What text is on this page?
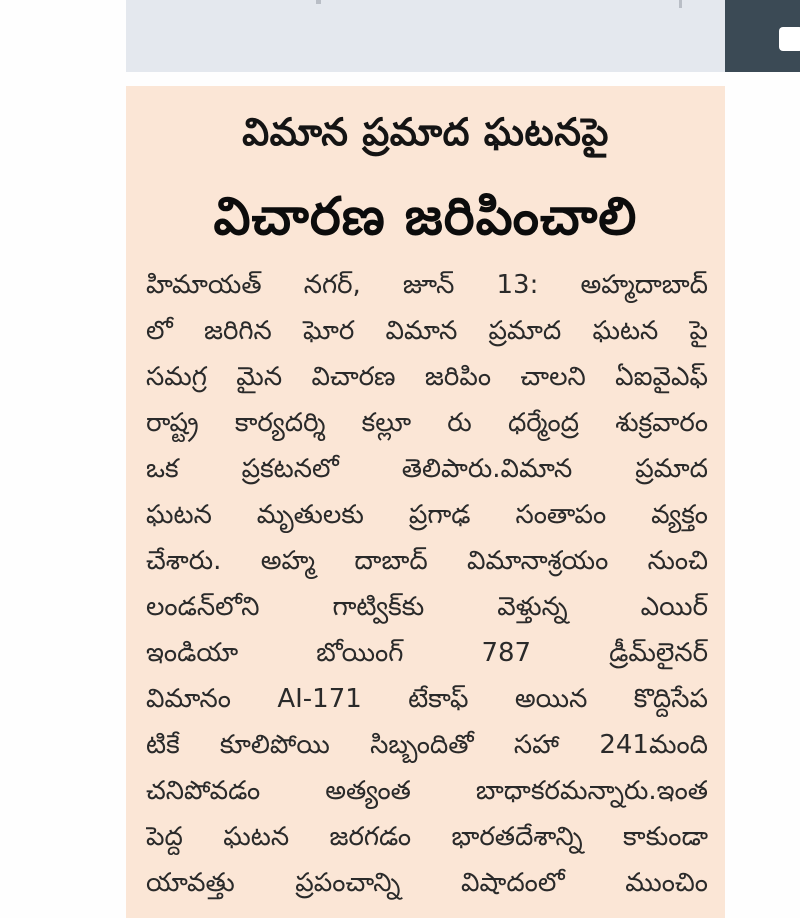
విమాన ప్రమాద ఘటనపై
విచారణ జరిపించాలి
హిమాయత్ నగర్, జూన్ 13: అహ్మదాబాద్
లో జరిగిన ఘోర విమాన ప్రమాద ఘటన పై
సమగ్ర మైన విచారణ జరిపిం చాలని ఏఐవైఎఫ్
రాష్ట్ర కార్యదర్శి కల్లూ రు ధర్మేంద్ర శుక్రవారం
ఒక ప్రకటనలో తెలిపారు.విమాన ప్రమాద
ఘటన మృతులకు ప్రగాఢ సంతాపం వ్యక్తం
చేశారు. అహ్మ దాబాద్ విమానాశ్రయం నుంచి
లండన్‌లోని గాట్విక్‌కు వెళ్తున్న ఎయిర్
ఇండియా బోయింగ్ 787 డ్రీమ్‌లైనర్
విమానం AI-171 టేకాఫ్ అయిన కొద్దిసేప
టికే కూలిపోయి సిబ్బందితో సహా 241మంది
చనిపోవడం అత్యంత బాధాకరమన్నారు.ఇంత
పెద్ద ఘటన జరగడం భారతదేశాన్ని కాకుండా
యావత్తు ప్రపంచాన్ని విషాదంలో ముంచిం
